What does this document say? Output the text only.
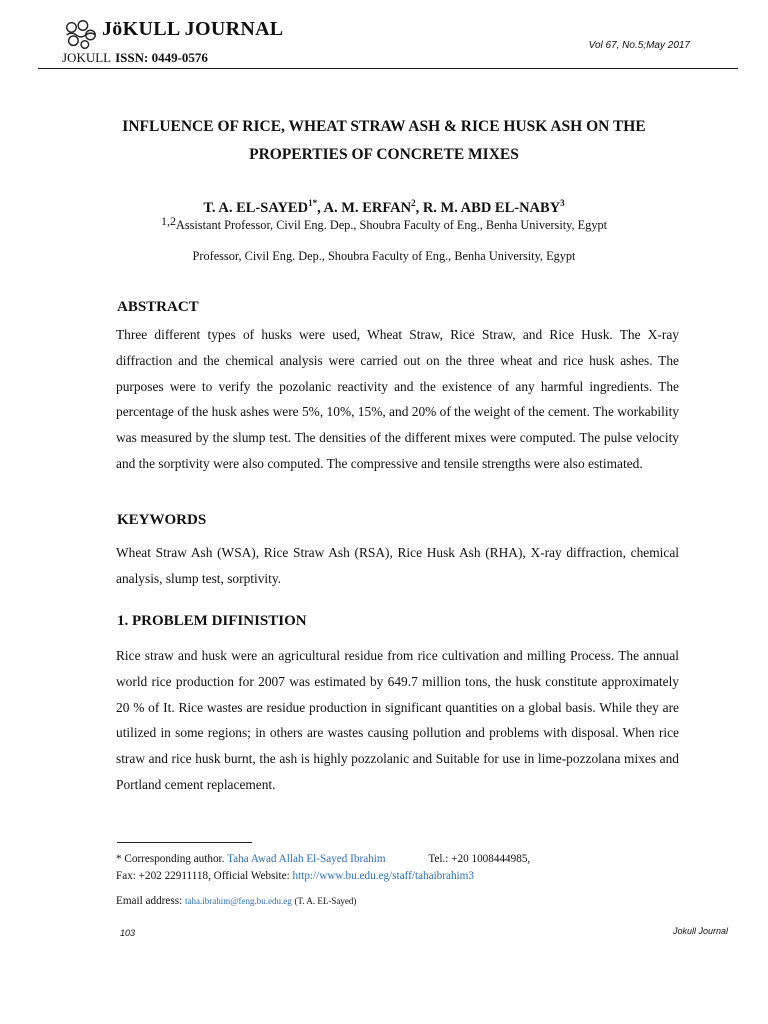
JöKULL JOURNAL
JOKULL ISSN: 0449-0576
Vol 67, No.5;May 2017
INFLUENCE OF RICE, WHEAT STRAW ASH & RICE HUSK ASH ON THE
PROPERTIES OF CONCRETE MIXES
T. A. $EL-SAYED^{1*}$, A. M. ERFAN$^2$, R. M. ABD EL-NABY$^3$
$^{1,2}$Assistant Professor, Civil Eng. Dep., Shoubra Faculty of Eng., Benha University, Egypt
Professor, Civil Eng. Dep., Shoubra Faculty of Eng., Benha University, Egypt
ABSTRACT
Three different types of husks were used, Wheat Straw, Rice Straw, and Rice Husk. The X-ray diffraction and the chemical analysis were carried out on the three wheat and rice husk ashes. The purposes were to verify the pozolanic reactivity and the existence of any harmful ingredients. The percentage of the husk ashes were 5%, 10%, 15%, and 20% of the weight of the cement. The workability was measured by the slump test. The densities of the different mixes were computed. The pulse velocity and the sorptivity were also computed. The compressive and tensile strengths were also estimated.
KEYWORDS
Wheat Straw Ash (WSA), Rice Straw Ash (RSA), Rice Husk Ash (RHA), X-ray diffraction, chemical analysis, slump test, sorptivity.
1. PROBLEM DIFINISTION
Rice straw and husk were an agricultural residue from rice cultivation and milling Process. The annual world rice production for 2007 was estimated by 649.7 million tons, the husk constitute approximately 20 % of It. Rice wastes are residue production in significant quantities on a global basis. While they are utilized in some regions; in others are wastes causing pollution and problems with disposal. When rice straw and rice husk burnt, the ash is highly pozzolanic and Suitable for use in lime-pozzolana mixes and Portland cement replacement.
* Corresponding author. Taha Awad Allah El-Sayed Ibrahim	Tel.: +20 1008444985,
Fax: +202 22911118, Official Website: http://www.bu.edu.eg/staff/tahaibrahim3
Email address: taha.ibrahim@feng.bu.edu.eg (T. A. EL-Sayed)
103	Jokull Journal
